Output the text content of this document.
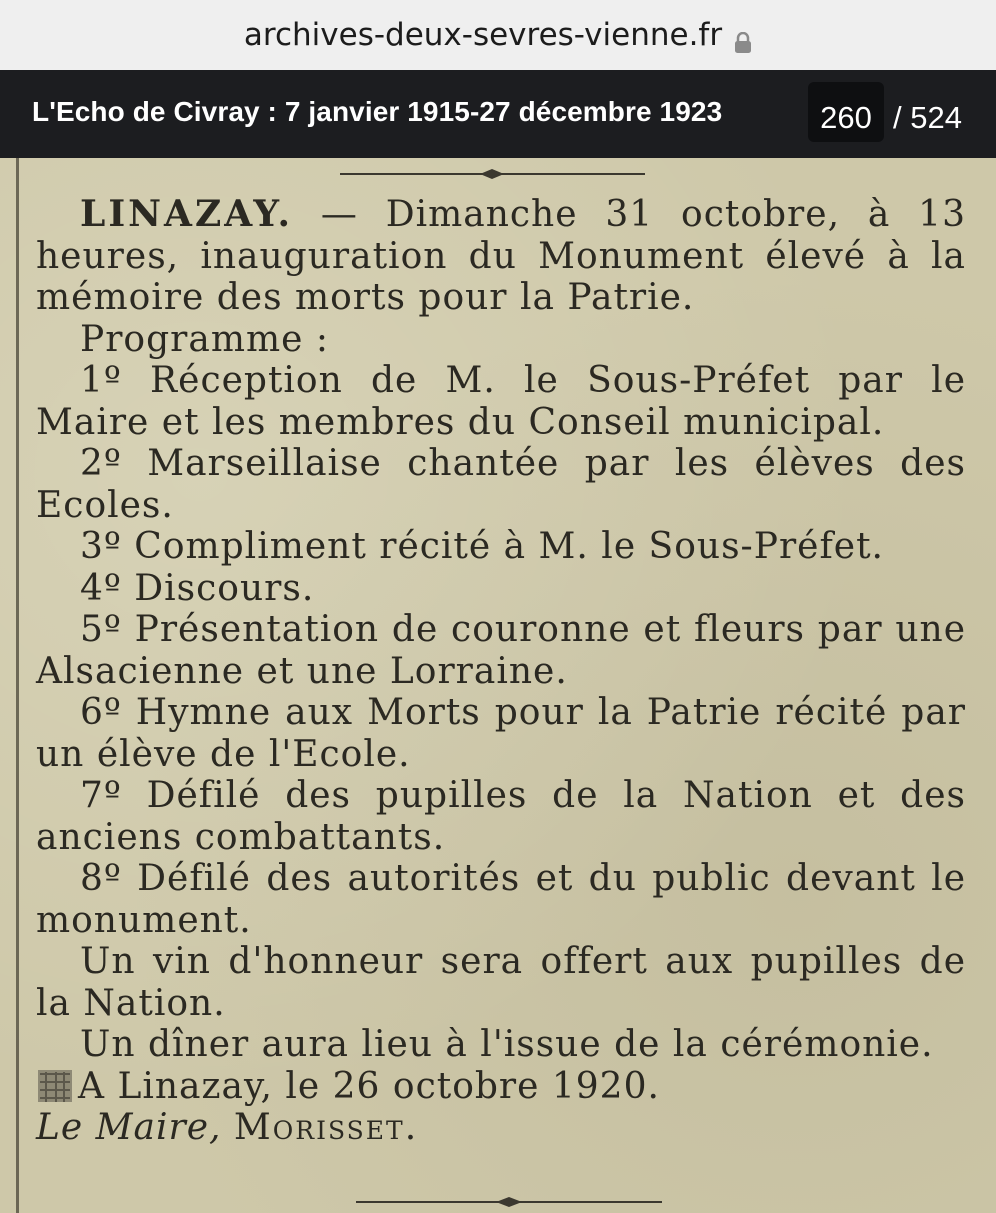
archives-deux-sevres-vienne.fr
L'Echo de Civray : 7 janvier 1915-27 décembre 1923	260 / 524

LINAZAY. — Dimanche 31 octobre, à 13 heures, inauguration du Monument élevé à la mémoire des morts pour la Patrie.

Programme :

1º Réception de M. le Sous-Préfet par le Maire et les membres du Conseil municipal.

2º Marseillaise chantée par les élèves des Ecoles.

3º Compliment récité à M. le Sous-Préfet.

4º Discours.

5º Présentation de couronne et fleurs par une Alsacienne et une Lorraine.

6º Hymne aux Morts pour la Patrie récité par un élève de l'Ecole.

7º Défilé des pupilles de la Nation et des anciens combattants.

8º Défilé des autorités et du public devant le monument.

Un vin d'honneur sera offert aux pupilles de la Nation.

Un dîner aura lieu à l'issue de la cérémonie.

A Linazay, le 26 octobre 1920.

Le Maire, Morisset.
